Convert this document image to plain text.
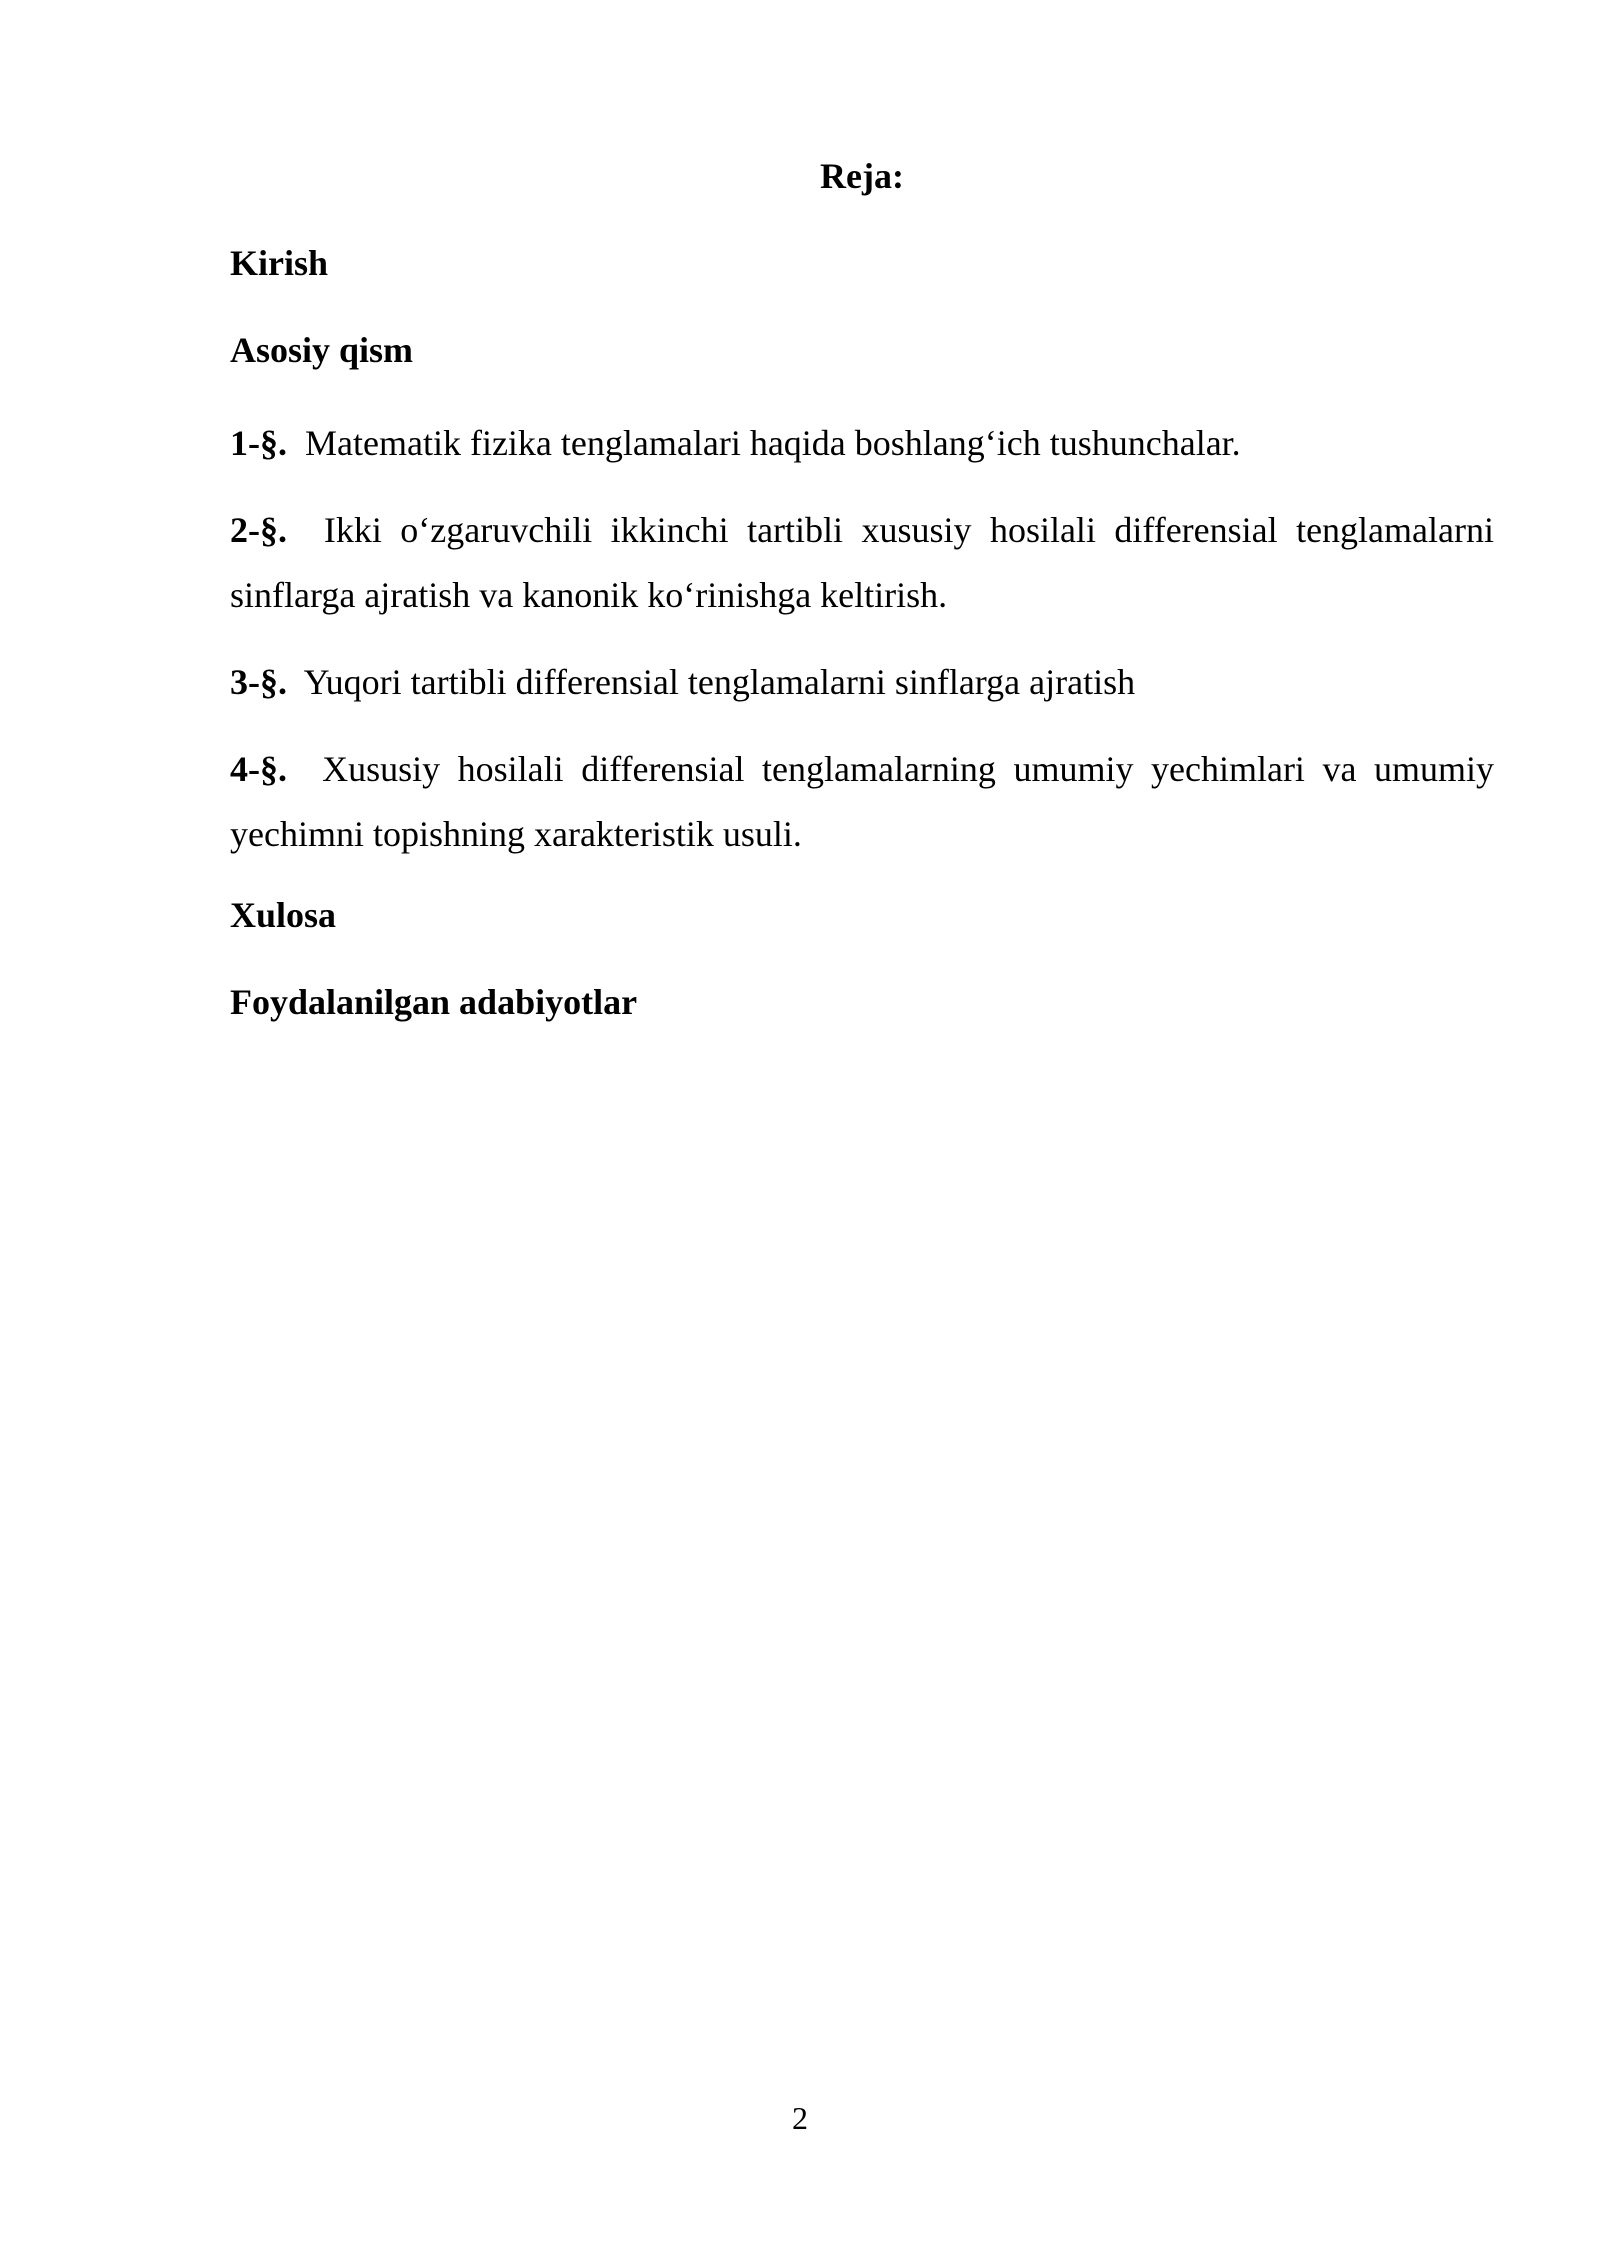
Reja:
Kirish
Asosiy qism
1-§. Matematik fizika tenglamalari haqida boshlang‘ich tushunchalar.
2-§. Ikki o‘zgaruvchili ikkinchi tartibli xususiy hosilali differensial tenglamalarni sinflarga ajratish va kanonik ko‘rinishga keltirish.
3-§. Yuqori tartibli differensial tenglamalarni sinflarga ajratish
4-§. Xususiy hosilali differensial tenglamalarning umumiy yechimlari va umumiy yechimni topishning xarakteristik usuli.
Xulosa
Foydalanilgan adabiyotlar
2
